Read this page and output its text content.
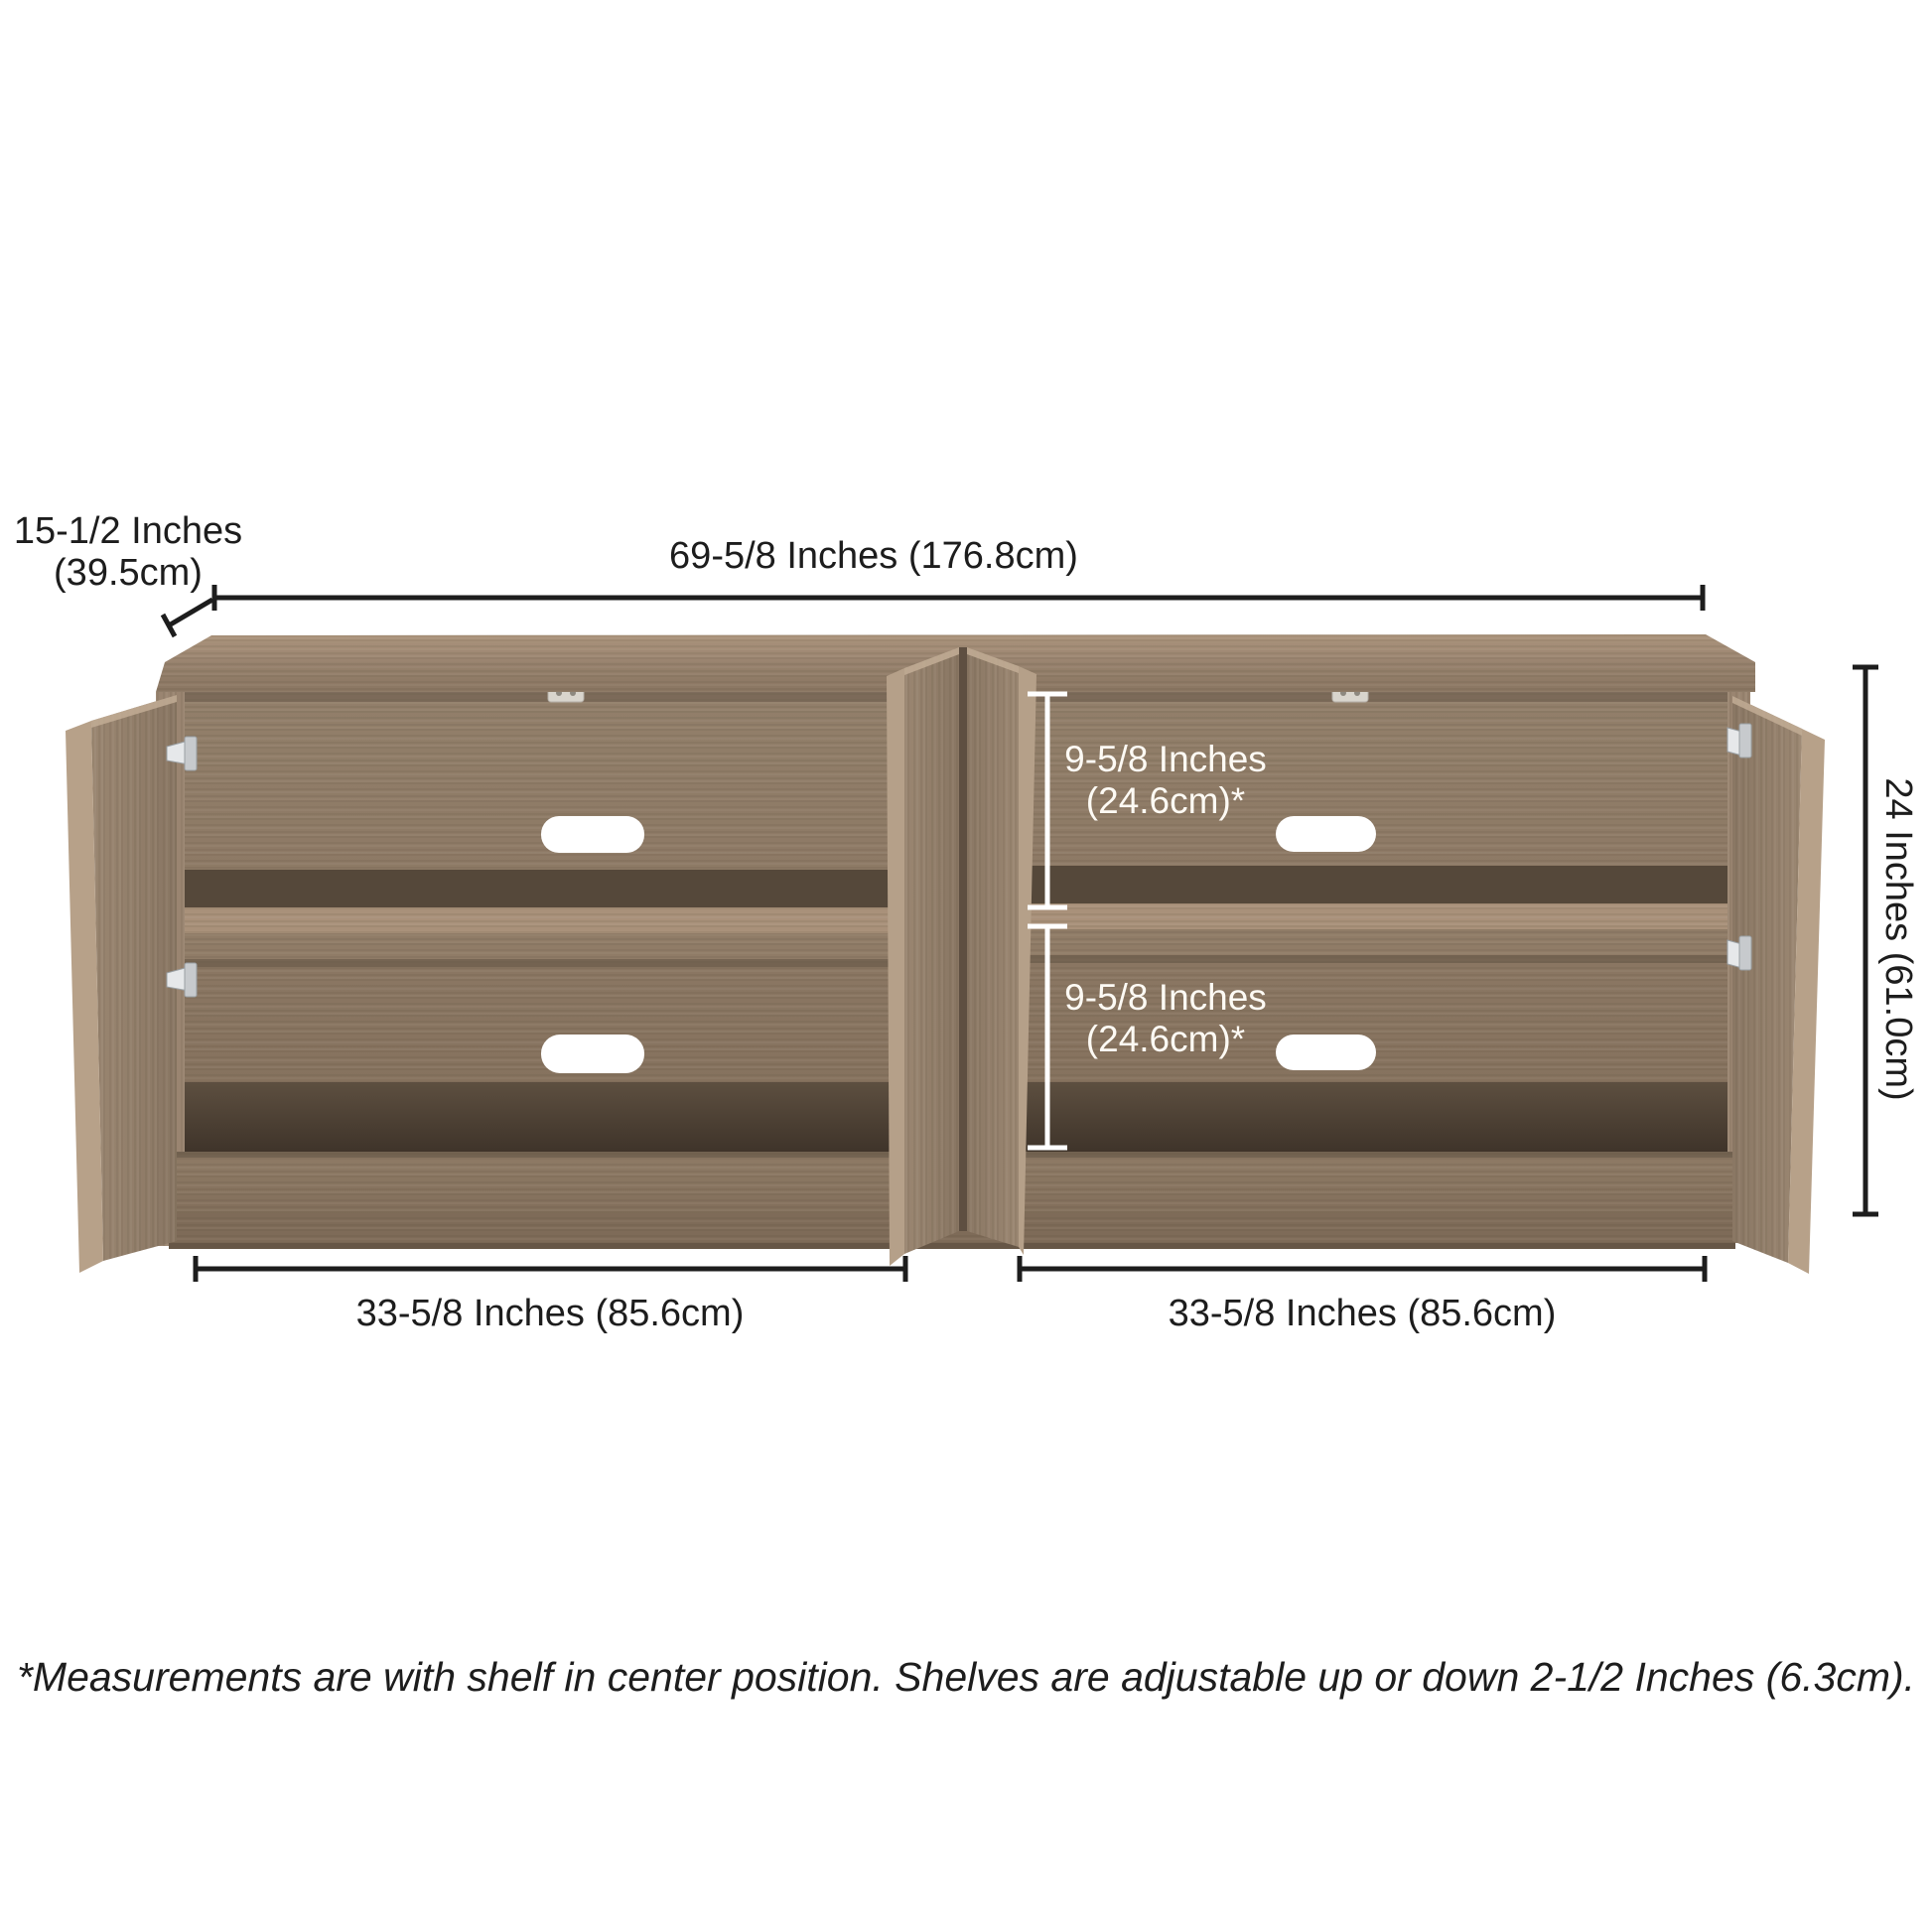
15-1/2 Inches
(39.5cm)	69-5/8 Inches (176.8cm)
24 Inches (61.0cm)
9-5/8 Inches
(24.6cm)*
9-5/8 Inches
(24.6cm)*
33-5/8 Inches (85.6cm)	33-5/8 Inches (85.6cm)
*Measurements are with shelf in center position. Shelves are adjustable up or down 2-1/2 Inches (6.3cm).
